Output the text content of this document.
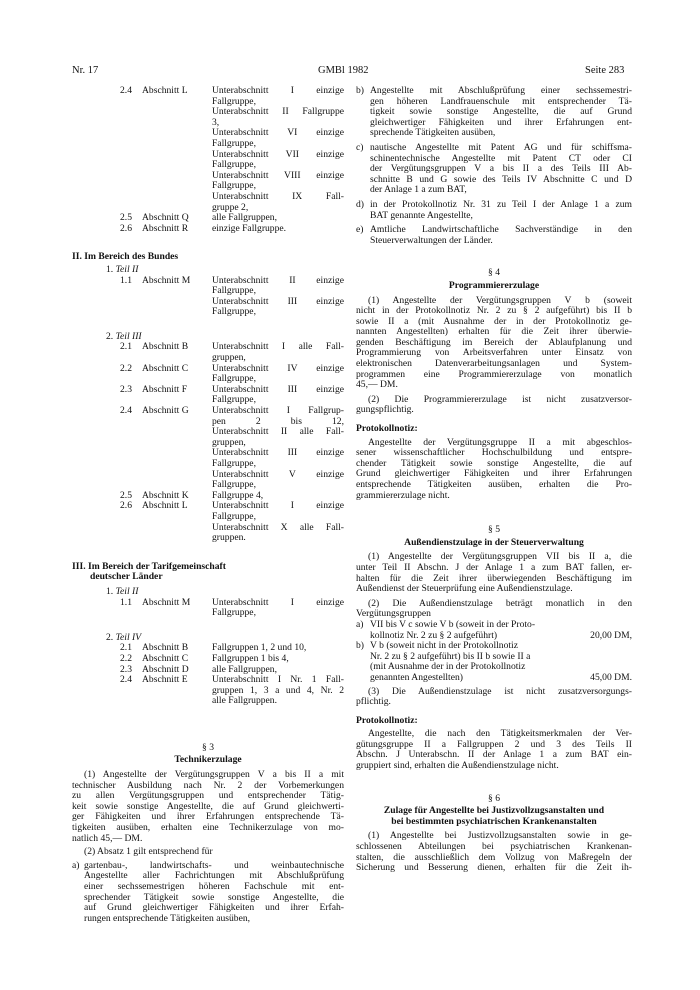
Nr. 17	GMBl 1982	Seite 283
2.4 Abschnitt L	Unterabschnitt I einzige
Fallgruppe,
Unterabschnitt II Fallgruppe
3,
Unterabschnitt VI einzige
Fallgruppe,
Unterabschnitt VII einzige
Fallgruppe,
Unterabschnitt VIII einzige
Fallgruppe,
Unterabschnitt IX Fall-
gruppe 2,
2.5 Abschnitt Q alle Fallgruppen,
2.6 Abschnitt R einzige Fallgruppe.
II. Im Bereich des Bundes
1. Teil II
1.1 Abschnitt M Unterabschnitt II einzige
Fallgruppe,
Unterabschnitt III einzige
Fallgruppe,
2. Teil III
2.1 Abschnitt B Unterabschnitt I alle Fall-
gruppen,
2.2 Abschnitt C Unterabschnitt IV einzige
Fallgruppe,
2.3 Abschnitt F	Unterabschnitt III einzige
Fallgruppe,
2.4 Abschnitt G Unterabschnitt I Fallgrup-
pen 2 bis 12,
Unterabschnitt II alle Fall-
gruppen,
Unterabschnitt III einzige
Fallgruppe,
Unterabschnitt V einzige
Fallgruppe,
2.5 Abschnitt K Fallgruppe 4,
2.6 Abschnitt L	Unterabschnitt I einzige
Fallgruppe,
Unterabschnitt X alle Fall-
gruppen.
III. Im Bereich der Tarifgemeinschaft
deutscher Länder
1. Teil II
1.1 Abschnitt M Unterabschnitt I einzige
Fallgruppe,
2. Teil IV
2.1 Abschnitt B Fallgruppen 1, 2 und 10,
2.2 Abschnitt C Fallgruppen 1 bis 4,
2.3 Abschnitt D alle Fallgruppen,
2.4 Abschnitt E	Unterabschnitt I Nr. 1 Fall-
gruppen 1, 3 a und 4, Nr. 2
alle Fallgruppen.
§ 3
Technikerzulage
(1) Angestellte der Vergütungsgruppen V a bis II a mit
technischer Ausbildung nach Nr. 2 der Vorbemerkungen
zu allen Vergütungsgruppen und entsprechender Tätig-
keit sowie sonstige Angestellte, die auf Grund gleichwerti-
ger Fähigkeiten und ihrer Erfahrungen entsprechende Tä-
tigkeiten ausüben, erhalten eine Technikerzulage von mo-
natlich 45,— DM.
(2) Absatz 1 gilt entsprechend für
a) gartenbau-, landwirtschafts- und weinbautechnische
Angestellte aller Fachrichtungen mit Abschlußprüfung
einer sechssemestrigen höheren Fachschule mit ent-
sprechender Tätigkeit sowie sonstige Angestellte, die
auf Grund gleichwertiger Fähigkeiten und ihrer Erfah-
rungen entsprechende Tätigkeiten ausüben,
b) Angestellte mit Abschlußprüfung einer sechssemestri-
gen höheren Landfrauenschule mit entsprechender Tä-
tigkeit sowie sonstige Angestellte, die auf Grund
gleichwertiger Fähigkeiten und ihrer Erfahrungen ent-
sprechende Tätigkeiten ausüben,
c) nautische Angestellte mit Patent AG und für schiffsma-
schinentechnische Angestellte mit Patent CT oder CI
der Vergütungsgruppen V a bis II a des Teils III Ab-
schnitte B und G sowie des Teils IV Abschnitte C und D
der Anlage 1 a zum BAT,
d) in der Protokollnotiz Nr. 31 zu Teil I der Anlage 1 a zum
BAT genannte Angestellte,
e) Amtliche Landwirtschaftliche Sachverständige in den
Steuerverwaltungen der Länder.
§ 4
Programmiererzulage
(1) Angestellte der Vergütungsgruppen V b (soweit
nicht in der Protokollnotiz Nr. 2 zu § 2 aufgeführt) bis II b
sowie II a (mit Ausnahme der in der Protokollnotiz ge-
nannten Angestellten) erhalten für die Zeit ihrer überwie-
genden Beschäftigung im Bereich der Ablaufplanung und
Programmierung von Arbeitsverfahren unter Einsatz von
elektronischen Datenverarbeitungsanlagen und System-
programmen eine Programmiererzulage von monatlich
45,— DM.
(2) Die Programmiererzulage ist nicht zusatzversor-
gungspflichtig.
Protokollnotiz:
Angestellte der Vergütungsgruppe II a mit abgeschlos-
sener wissenschaftlicher Hochschulbildung und entspre-
chender Tätigkeit sowie sonstige Angestellte, die auf
Grund gleichwertiger Fähigkeiten und ihrer Erfahrungen
entsprechende Tätigkeiten ausüben, erhalten die Pro-
grammiererzulage nicht.
§ 5
Außendienstzulage in der Steuerverwaltung
(1) Angestellte der Vergütungsgruppen VII bis II a, die
unter Teil II Abschn. J der Anlage 1 a zum BAT fallen, er-
halten für die Zeit ihrer überwiegenden Beschäftigung im
Außendienst der Steuerprüfung eine Außendienstzulage.
(2) Die Außendienstzulage beträgt monatlich in den
Vergütungsgruppen
a) VII bis V c sowie V b (soweit in der Proto-
kollnotiz Nr. 2 zu § 2 aufgeführt)	20,00 DM,
b) V b (soweit nicht in der Protokollnotiz
Nr. 2 zu § 2 aufgeführt) bis II b sowie II a
(mit Ausnahme der in der Protokollnotiz
genannten Angestellten)	45,00 DM.
(3) Die Außendienstzulage ist nicht zusatzversorgungs-
pflichtig.
Protokollnotiz:
Angestellte, die nach den Tätigkeitsmerkmalen der Ver-
gütungsgruppe II a Fallgruppen 2 und 3 des Teils II
Abschn. J Unterabschn. II der Anlage 1 a zum BAT ein-
gruppiert sind, erhalten die Außendienstzulage nicht.
§ 6
Zulage für Angestellte bei Justizvollzugsanstalten und
bei bestimmten psychiatrischen Krankenanstalten
(1) Angestellte bei Justizvollzugsanstalten sowie in ge-
schlossenen Abteilungen bei psychiatrischen Krankenan-
stalten, die ausschließlich dem Vollzug von Maßregeln der
Sicherung und Besserung dienen, erhalten für die Zeit ih-
